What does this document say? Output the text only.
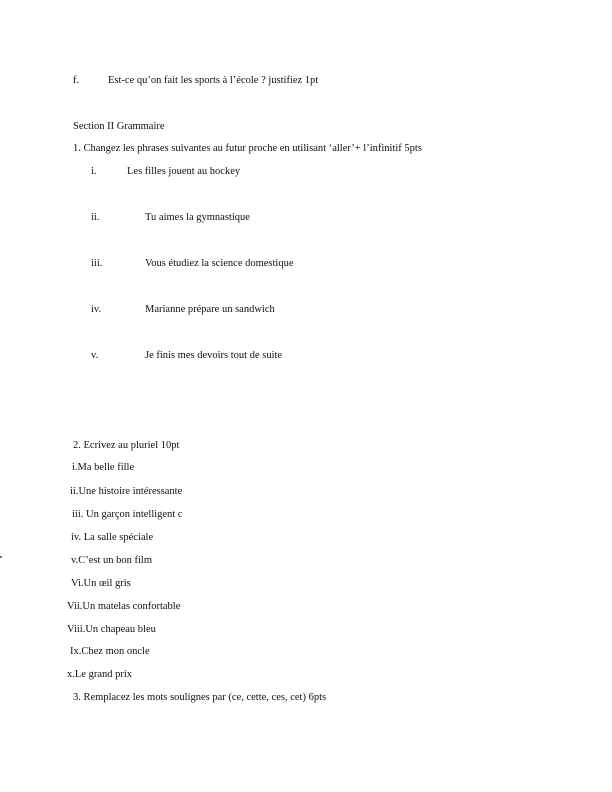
f.	Est-ce qu’on fait les sports à l’école ? justifiez 1pt
Section II Grammaire
1. Changez les phrases suivantes au futur proche en utilisant ‘aller’+ l’infinitif 5pts
i.	Les filles jouent au hockey
ii.	Tu aimes la gymnastique
iii.	Vous étudiez la science domestique
iv.	Marianne prépare un sandwich
v.	Je finis mes devoirs tout de suite
2. Ecrivez au pluriel 10pt
i.Ma belle fille
ii.Une histoire intéressante
iii. Un garçon intelligent c
iv. La salle spéciale
v.C’est un bon film
Vi.Un œil gris
Vii.Un matelas confortable
Viii.Un chapeau bleu
Ix.Chez mon oncle
x.Le grand prix
3. Remplacez les mots soulignes par (ce, cette, ces, cet) 6pts
